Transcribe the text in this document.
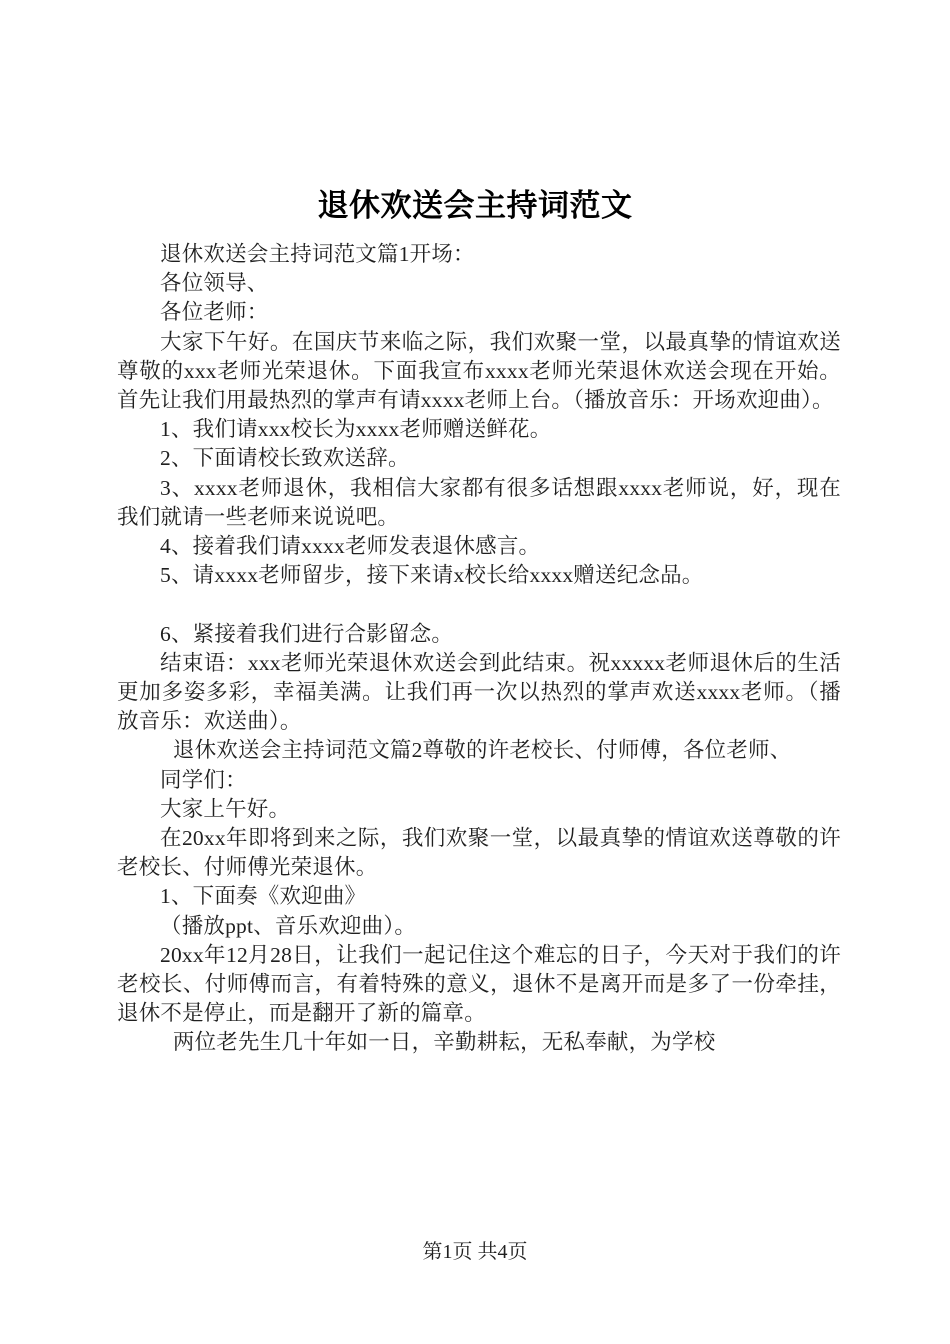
退休欢送会主持词范文

退休欢送会主持词范文篇1开场：

各位领导、

各位老师：

大家下午好。在国庆节来临之际，我们欢聚一堂，以最真挚的情谊欢送尊敬的xxx老师光荣退休。下面我宣布xxxx老师光荣退休欢送会现在开始。首先让我们用最热烈的掌声有请xxxx老师上台。（播放音乐：开场欢迎曲）。

1、我们请xxx校长为xxxx老师赠送鲜花。

2、下面请校长致欢送辞。

3、xxxx老师退休，我相信大家都有很多话想跟xxxx老师说，好，现在我们就请一些老师来说说吧。

4、接着我们请xxxx老师发表退休感言。

5、请xxxx老师留步，接下来请x校长给xxxx赠送纪念品。

6、紧接着我们进行合影留念。

结束语：xxx老师光荣退休欢送会到此结束。祝xxxxx老师退休后的生活更加多姿多彩，幸福美满。让我们再一次以热烈的掌声欢送xxxx老师。（播放音乐：欢送曲）。

退休欢送会主持词范文篇2尊敬的许老校长、付师傅，各位老师、

同学们：

大家上午好。

在20xx年即将到来之际，我们欢聚一堂，以最真挚的情谊欢送尊敬的许老校长、付师傅光荣退休。

1、下面奏《欢迎曲》

（播放ppt、音乐欢迎曲）。

20xx年12月28日，让我们一起记住这个难忘的日子，今天对于我们的许老校长、付师傅而言，有着特殊的意义，退休不是离开而是多了一份牵挂，退休不是停止，而是翻开了新的篇章。

两位老先生几十年如一日，辛勤耕耘，无私奉献，为学校

第1页 共4页
